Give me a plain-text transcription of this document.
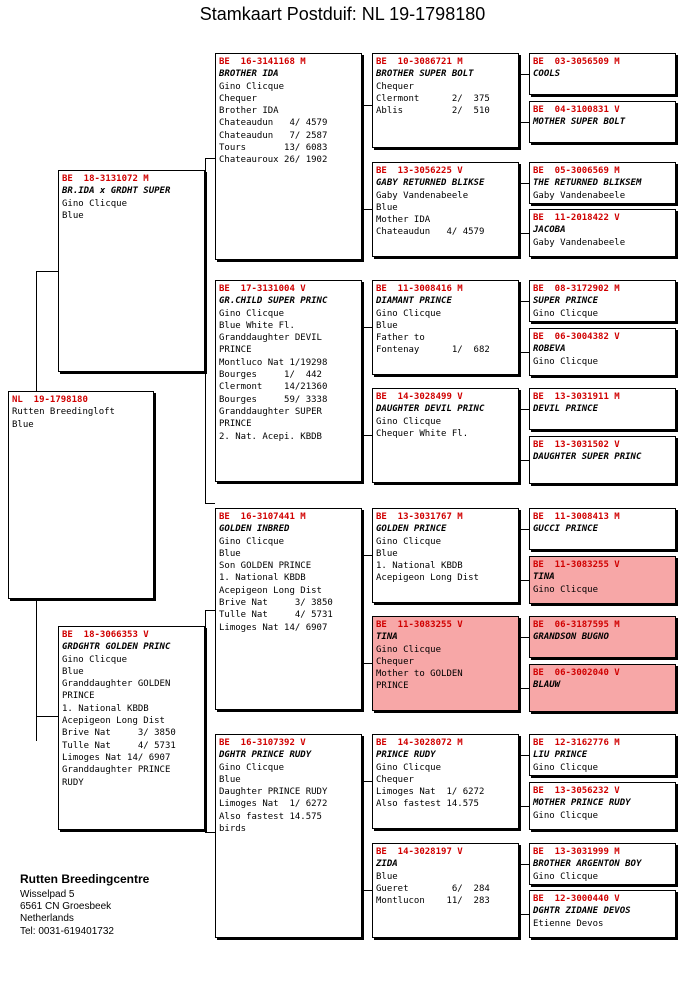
Stamkaart Postduif: NL 19-1798180
BE  18-3131072 M
BR.IDA x GRDHT SUPER
Gino Clicque
Blue
BE  18-3066353 V
GRDGHTR GOLDEN PRINC
Gino Clicque
Blue
Granddaughter GOLDEN
PRINCE
1. National KBDB
Acepigeon Long Dist
Brive Nat     3/ 3850
Tulle Nat     4/ 5731
Limoges Nat 14/ 6907
Granddaughter PRINCE
RUDY
BE  16-3141168 M
BROTHER IDA
Gino Clicque
Chequer
Brother IDA
Chateaudun   4/ 4579
Chateaudun   7/ 2587
Tours       13/ 6083
Chateauroux 26/ 1902
BE  17-3131004 V
GR.CHILD SUPER PRINC
Gino Clicque
Blue White Fl.
Granddaughter DEVIL
PRINCE
Montluco Nat 1/19298
Bourges     1/  442
Clermont    14/21360
Bourges     59/ 3338
Granddaughter SUPER
PRINCE
2. Nat. Acepi. KBDB
BE  16-3107441 M
GOLDEN INBRED
Gino Clicque
Blue
Son GOLDEN PRINCE
1. National KBDB
Acepigeon Long Dist
Brive Nat     3/ 3850
Tulle Nat     4/ 5731
Limoges Nat 14/ 6907
BE  16-3107392 V
DGHTR PRINCE RUDY
Gino Clicque
Blue
Daughter PRINCE RUDY
Limoges Nat  1/ 6272
Also fastest 14.575
birds
BE  10-3086721 M
BROTHER SUPER BOLT
Chequer
Clermont      2/  375
Ablis         2/  510
BE  13-3056225 V
GABY RETURNED BLIKSE
Gaby Vandenabeele
Blue
Mother IDA
Chateaudun   4/ 4579
BE  11-3008416 M
DIAMANT PRINCE
Gino Clicque
Blue
Father to
Fontenay      1/  682
BE  14-3028499 V
DAUGHTER DEVIL PRINC
Gino Clicque
Chequer White Fl.
BE  13-3031767 M
GOLDEN PRINCE
Gino Clicque
Blue
1. National KBDB
Acepigeon Long Dist
BE  11-3083255 V
TINA
Gino Clicque
Chequer
Mother to GOLDEN
PRINCE
BE  14-3028072 M
PRINCE RUDY
Gino Clicque
Chequer
Limoges Nat  1/ 6272
Also fastest 14.575
BE  14-3028197 V
ZIDA
Blue
Gueret        6/  284
Montlucon    11/  283
BE  03-3056509 M
COOLS
BE  04-3100831 V
MOTHER SUPER BOLT
BE  05-3006569 M
THE RETURNED BLIKSEM
Gaby Vandenabeele
BE  11-2018422 V
JACOBA
Gaby Vandenabeele
BE  08-3172902 M
SUPER PRINCE
Gino Clicque
BE  06-3004382 V
ROBEVA
Gino Clicque
BE  13-3031911 M
DEVIL PRINCE
BE  13-3031502 V
DAUGHTER SUPER PRINC
BE  11-3008413 M
GUCCI PRINCE
BE  11-3083255 V
TINA
Gino Clicque
BE  06-3187595 M
GRANDSON BUGNO
BE  06-3002040 V
BLAUW
BE  12-3162776 M
LIU PRINCE
Gino Clicque
BE  13-3056232 V
MOTHER PRINCE RUDY
Gino Clicque
BE  13-3031999 M
BROTHER ARGENTON BOY
Gino Clicque
BE  12-3000440 V
DGHTR ZIDANE DEVOS
Etienne Devos
NL  19-1798180
Rutten Breedingloft
Blue
Rutten Breedingcentre
Wisselpad 5
6561 CN Groesbeek
Netherlands
Tel: 0031-619401732
